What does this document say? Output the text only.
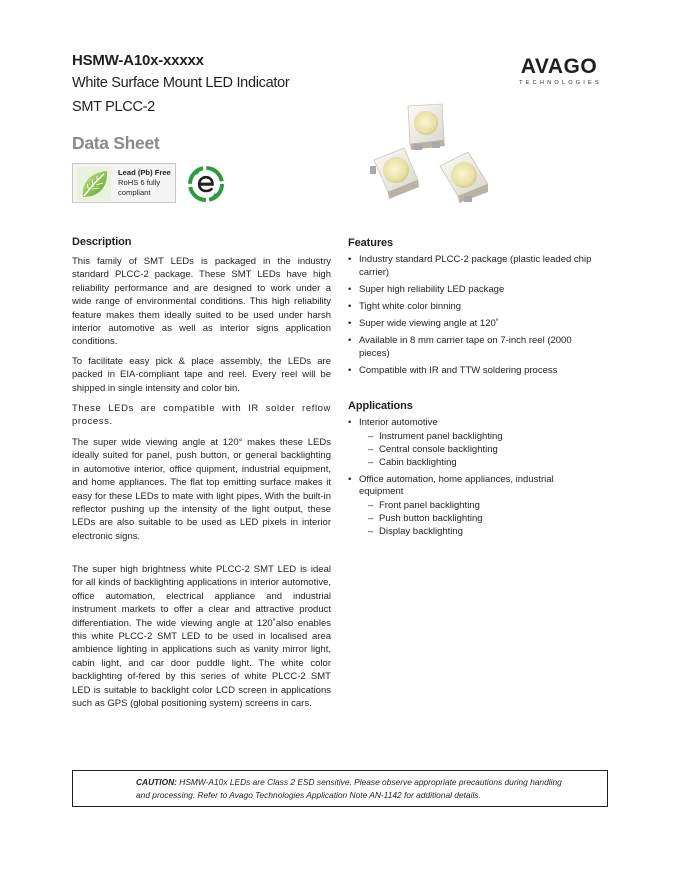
HSMW-A10x-xxxxx
White Surface Mount LED Indicator
SMT PLCC-2
AVAGO
TECHNOLOGIES
Data Sheet
Lead (Pb) Free
RoHS 6 fully
compliant
Description

This family of SMT LEDs is packaged in the industry standard PLCC-2 package. These SMT LEDs have high reliability performance and are designed to work under a wide range of environmental conditions. This high reliability feature makes them ideally suited to be used under harsh interior automotive as well as interior signs application conditions.

To facilitate easy pick & place assembly, the LEDs are packed in EIA-compliant tape and reel. Every reel will be shipped in single intensity and color bin.

These LEDs are compatible with IR solder reflow process.

The super wide viewing angle at 120° makes these LEDs ideally suited for panel, push button, or general backlighting in automotive interior, office quipment, industrial equipment, and home appliances. The flat top emitting surface makes it easy for these LEDs to mate with light pipes. With the built-in reflector pushing up the intensity of the light output, these LEDs are also suitable to be used as LED pixels in interior electronic signs.

The super high brightness white PLCC-2 SMT LED is ideal for all kinds of backlighting applications in interior automotive, office automation, electrical appliance and industrial instrument markets to offer a clear and attractive product differentiation. The wide viewing angle at 120˚also enables this white PLCC-2 SMT LED to be used in localised area ambience lighting in applications such as vanity mirror light, cabin light, and car door puddle light. The white color backlighting of-fered by this series of white PLCC-2 SMT LED is suitable to backlight color LCD screen in applications such as GPS (global positioning system) screens in cars.

Features
• Industry standard PLCC-2 package (plastic leaded chip carrier)
• Super high reliability LED package
• Tight white color binning
• Super wide viewing angle at 120˚
• Available in 8 mm carrier tape on 7-inch reel (2000 pieces)
• Compatible with IR and TTW soldering process
Applications
• Interior automotive
– Instrument panel backlighting
– Central console backlighting
– Cabin backlighting
• Office automation, home appliances, industrial equipment
– Front panel backlighting
– Push button backlighting
– Display backlighting
CAUTION: HSMW-A10x LEDs are Class 2 ESD sensitive. Please observe appropriate precautions during handling and processing. Refer to Avago Technologies Application Note AN-1142 for additional details.
